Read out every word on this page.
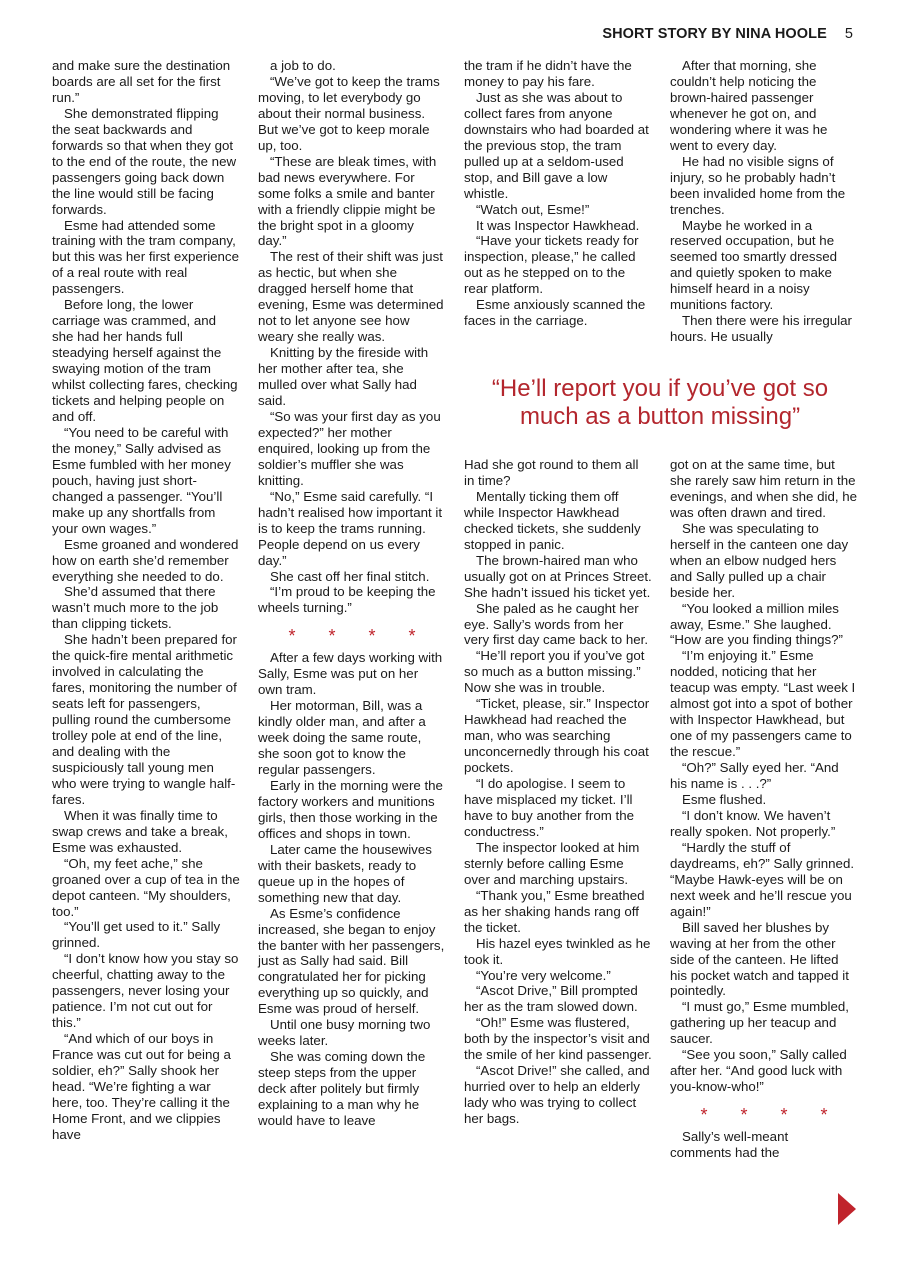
SHORT STORY BY NINA HOOLE 5

and make sure the destination boards are all set for the first run.”

She demonstrated flipping the seat backwards and forwards so that when they got to the end of the route, the new passengers going back down the line would still be facing forwards.

Esme had attended some training with the tram company, but this was her first experience of a real route with real passengers.

Before long, the lower carriage was crammed, and she had her hands full steadying herself against the swaying motion of the tram whilst collecting fares, checking tickets and helping people on and off.

“You need to be careful with the money,” Sally advised as Esme fumbled with her money pouch, having just short-changed a passenger. “You’ll make up any shortfalls from your own wages.”

Esme groaned and wondered how on earth she’d remember everything she needed to do.

She’d assumed that there wasn’t much more to the job than clipping tickets.

She hadn’t been prepared for the quick-fire mental arithmetic involved in calculating the fares, monitoring the number of seats left for passengers, pulling round the cumbersome trolley pole at end of the line, and dealing with the suspiciously tall young men who were trying to wangle half-fares.

When it was finally time to swap crews and take a break, Esme was exhausted.

“Oh, my feet ache,” she groaned over a cup of tea in the depot canteen. “My shoulders, too.”

“You’ll get used to it.” Sally grinned.

“I don’t know how you stay so cheerful, chatting away to the passengers, never losing your patience. I’m not cut out for this.”

“And which of our boys in France was cut out for being a soldier, eh?” Sally shook her head. “We’re fighting a war here, too. They’re calling it the Home Front, and we clippies have

a job to do.

“We’ve got to keep the trams moving, to let everybody go about their normal business. But we’ve got to keep morale up, too.

“These are bleak times, with bad news everywhere. For some folks a smile and banter with a friendly clippie might be the bright spot in a gloomy day.”

The rest of their shift was just as hectic, but when she dragged herself home that evening, Esme was determined not to let anyone see how weary she really was.

Knitting by the fireside with her mother after tea, she mulled over what Sally had said.

“So was your first day as you expected?” her mother enquired, looking up from the soldier’s muffler she was knitting.

“No,” Esme said carefully. “I hadn’t realised how important it is to keep the trams running. People depend on us every day.”

She cast off her final stitch.

“I’m proud to be keeping the wheels turning.”

* * * *

After a few days working with Sally, Esme was put on her own tram.

Her motorman, Bill, was a kindly older man, and after a week doing the same route, she soon got to know the regular passengers.

Early in the morning were the factory workers and munitions girls, then those working in the offices and shops in town.

Later came the housewives with their baskets, ready to queue up in the hopes of something new that day.

As Esme’s confidence increased, she began to enjoy the banter with her passengers, just as Sally had said. Bill congratulated her for picking everything up so quickly, and Esme was proud of herself.

Until one busy morning two weeks later.

She was coming down the steep steps from the upper deck after politely but firmly explaining to a man why he would have to leave

the tram if he didn’t have the money to pay his fare.

Just as she was about to collect fares from anyone downstairs who had boarded at the previous stop, the tram pulled up at a seldom-used stop, and Bill gave a low whistle.

“Watch out, Esme!”

It was Inspector Hawkhead.

“Have your tickets ready for inspection, please,” he called out as he stepped on to the rear platform.

Esme anxiously scanned the faces in the carriage.

After that morning, she couldn’t help noticing the brown-haired passenger whenever he got on, and wondering where it was he went to every day.

He had no visible signs of injury, so he probably hadn’t been invalided home from the trenches.

Maybe he worked in a reserved occupation, but he seemed too smartly dressed and quietly spoken to make himself heard in a noisy munitions factory.

Then there were his irregular hours. He usually

“He’ll report you if you’ve got so much as a button missing”

Had she got round to them all in time?

Mentally ticking them off while Inspector Hawkhead checked tickets, she suddenly stopped in panic.

The brown-haired man who usually got on at Princes Street. She hadn’t issued his ticket yet.

She paled as he caught her eye. Sally’s words from her very first day came back to her.

“He’ll report you if you’ve got so much as a button missing.” Now she was in trouble.

“Ticket, please, sir.” Inspector Hawkhead had reached the man, who was searching unconcernedly through his coat pockets.

“I do apologise. I seem to have misplaced my ticket. I’ll have to buy another from the conductress.”

The inspector looked at him sternly before calling Esme over and marching upstairs.

“Thank you,” Esme breathed as her shaking hands rang off the ticket.

His hazel eyes twinkled as he took it.

“You’re very welcome.”

“Ascot Drive,” Bill prompted her as the tram slowed down.

“Oh!” Esme was flustered, both by the inspector’s visit and the smile of her kind passenger.

“Ascot Drive!” she called, and hurried over to help an elderly lady who was trying to collect her bags.

got on at the same time, but she rarely saw him return in the evenings, and when she did, he was often drawn and tired.

She was speculating to herself in the canteen one day when an elbow nudged hers and Sally pulled up a chair beside her.

“You looked a million miles away, Esme.” She laughed. “How are you finding things?”

“I’m enjoying it.” Esme nodded, noticing that her teacup was empty. “Last week I almost got into a spot of bother with Inspector Hawkhead, but one of my passengers came to the rescue.”

“Oh?” Sally eyed her. “And his name is . . .?”

Esme flushed.

“I don’t know. We haven’t really spoken. Not properly.”

“Hardly the stuff of daydreams, eh?” Sally grinned. “Maybe Hawk-eyes will be on next week and he’ll rescue you again!”

Bill saved her blushes by waving at her from the other side of the canteen. He lifted his pocket watch and tapped it pointedly.

“I must go,” Esme mumbled, gathering up her teacup and saucer.

“See you soon,” Sally called after her. “And good luck with you-know-who!”

* * * *

Sally’s well-meant comments had the
